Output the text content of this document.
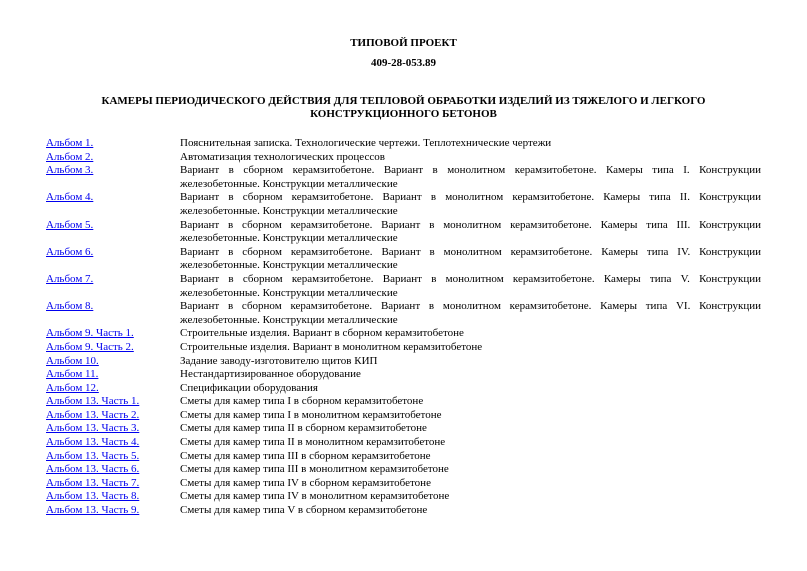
ТИПОВОЙ ПРОЕКТ
409-28-053.89
КАМЕРЫ ПЕРИОДИЧЕСКОГО ДЕЙСТВИЯ ДЛЯ ТЕПЛОВОЙ ОБРАБОТКИ ИЗДЕЛИЙ ИЗ ТЯЖЕЛОГО И ЛЕГКОГО
КОНСТРУКЦИОННОГО БЕТОНОВ
Альбом 1.	Пояснительная записка. Технологические чертежи. Теплотехнические чертежи
Альбом 2.	Автоматизация технологических процессов
Альбом 3.	Вариант в сборном керамзитобетоне. Вариант в монолитном керамзитобетоне. Камеры типа I. Конструкции железобетонные. Конструкции металлические
Альбом 4.	Вариант в сборном керамзитобетоне. Вариант в монолитном керамзитобетоне. Камеры типа II. Конструкции железобетонные. Конструкции металлические
Альбом 5.	Вариант в сборном керамзитобетоне. Вариант в монолитном керамзитобетоне. Камеры типа III. Конструкции железобетонные. Конструкции металлические
Альбом 6.	Вариант в сборном керамзитобетоне. Вариант в монолитном керамзитобетоне. Камеры типа IV. Конструкции железобетонные. Конструкции металлические
Альбом 7.	Вариант в сборном керамзитобетоне. Вариант в монолитном керамзитобетоне. Камеры типа V. Конструкции железобетонные. Конструкции металлические
Альбом 8.	Вариант в сборном керамзитобетоне. Вариант в монолитном керамзитобетоне. Камеры типа VI. Конструкции железобетонные. Конструкции металлические
Альбом 9. Часть 1.	Строительные изделия. Вариант в сборном керамзитобетоне
Альбом 9. Часть 2.	Строительные изделия. Вариант в монолитном керамзитобетоне
Альбом 10.	Задание заводу-изготовителю щитов КИП
Альбом 11.	Нестандартизированное оборудование
Альбом 12.	Спецификации оборудования
Альбом 13. Часть 1.	Сметы для камер типа I в сборном керамзитобетоне
Альбом 13. Часть 2.	Сметы для камер типа I в монолитном керамзитобетоне
Альбом 13. Часть 3.	Сметы для камер типа II в сборном керамзитобетоне
Альбом 13. Часть 4.	Сметы для камер типа II в монолитном керамзитобетоне
Альбом 13. Часть 5.	Сметы для камер типа III в сборном керамзитобетоне
Альбом 13. Часть 6.	Сметы для камер типа III в монолитном керамзитобетоне
Альбом 13. Часть 7.	Сметы для камер типа IV в сборном керамзитобетоне
Альбом 13. Часть 8.	Сметы для камер типа IV в монолитном керамзитобетоне
Альбом 13. Часть 9.	Сметы для камер типа V в сборном керамзитобетоне
